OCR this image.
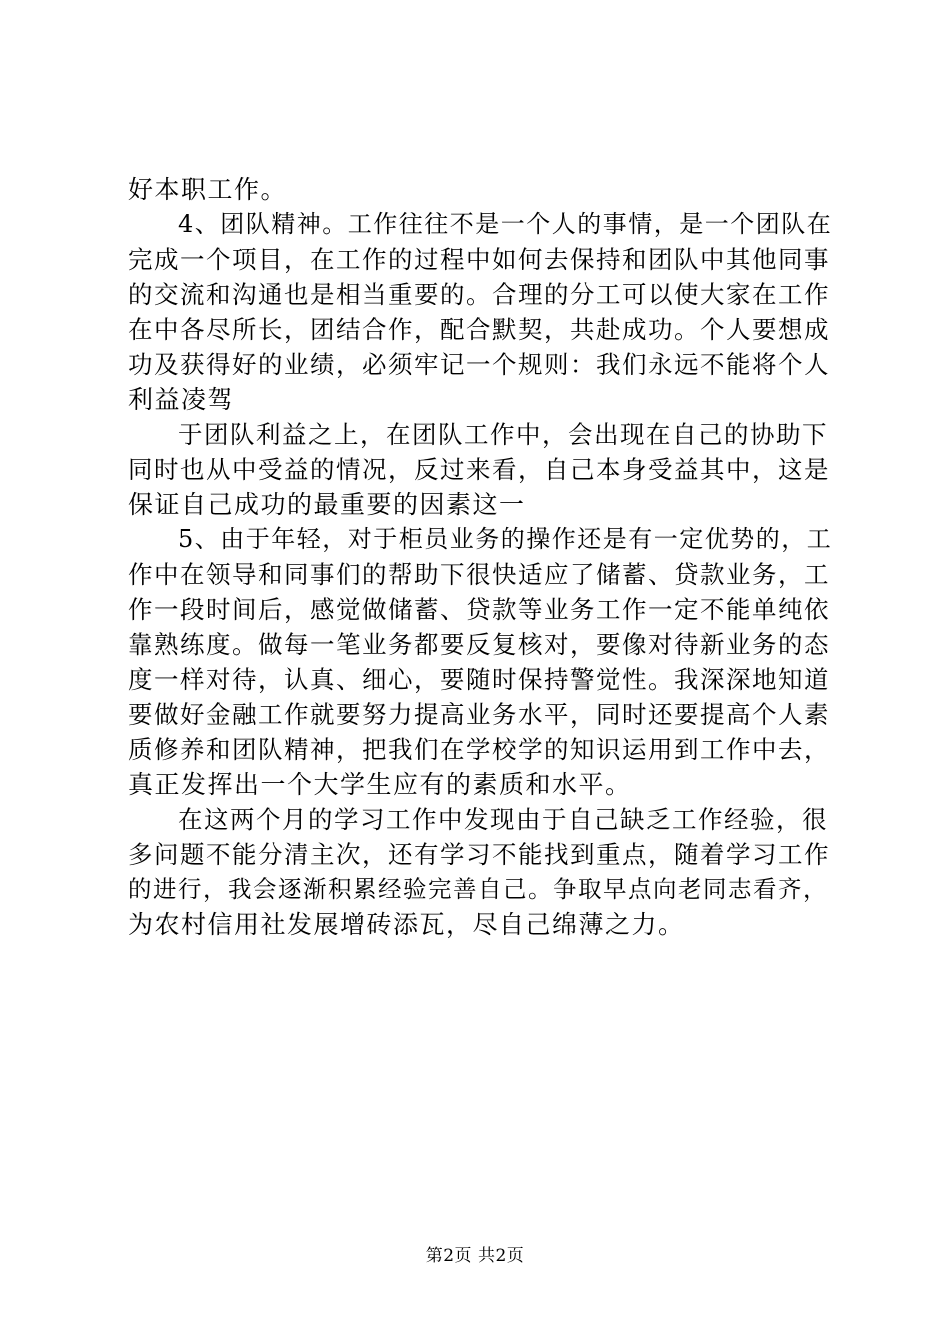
好本职工作。
4、团队精神。工作往往不是一个人的事情，是一个团队在
完成一个项目，在工作的过程中如何去保持和团队中其他同事
的交流和沟通也是相当重要的。合理的分工可以使大家在工作
在中各尽所长，团结合作，配合默契，共赴成功。个人要想成
功及获得好的业绩，必须牢记一个规则：我们永远不能将个人
利益凌驾
于团队利益之上，在团队工作中，会出现在自己的协助下
同时也从中受益的情况，反过来看，自己本身受益其中，这是
保证自己成功的最重要的因素这一
5、由于年轻，对于柜员业务的操作还是有一定优势的，工
作中在领导和同事们的帮助下很快适应了储蓄、贷款业务，工
作一段时间后，感觉做储蓄、贷款等业务工作一定不能单纯依
靠熟练度。做每一笔业务都要反复核对，要像对待新业务的态
度一样对待，认真、细心，要随时保持警觉性。我深深地知道
要做好金融工作就要努力提高业务水平，同时还要提高个人素
质修养和团队精神，把我们在学校学的知识运用到工作中去，
真正发挥出一个大学生应有的素质和水平。
在这两个月的学习工作中发现由于自己缺乏工作经验，很
多问题不能分清主次，还有学习不能找到重点，随着学习工作
的进行，我会逐渐积累经验完善自己。争取早点向老同志看齐，
为农村信用社发展增砖添瓦，尽自己绵薄之力。
第2页 共2页
